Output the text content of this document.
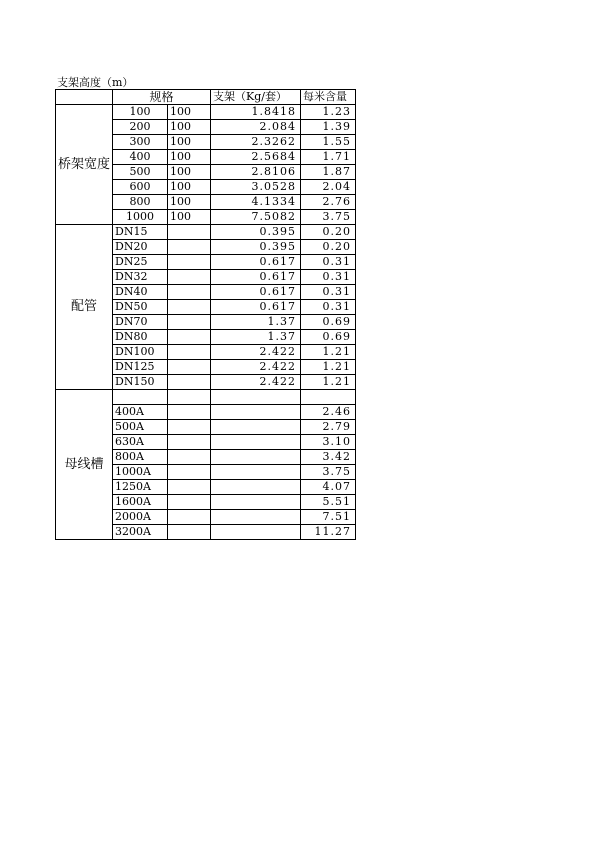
支架高度（m）
	规格		支架（Kg/套）	每米含量
桥架宽度	100	100	1.8418	1.23
	200	100	2.084	1.39
	300	100	2.3262	1.55
	400	100	2.5684	1.71
	500	100	2.8106	1.87
	600	100	3.0528	2.04
	800	100	4.1334	2.76
	1000	100	7.5082	3.75
配管	DN15		0.395	0.20
	DN20		0.395	0.20
	DN25		0.617	0.31
	DN32		0.617	0.31
	DN40		0.617	0.31
	DN50		0.617	0.31
	DN70		1.37	0.69
	DN80		1.37	0.69
	DN100		2.422	1.21
	DN125		2.422	1.21
	DN150		2.422	1.21
母线槽				
	400A			2.46
	500A			2.79
	630A			3.10
	800A			3.42
	1000A			3.75
	1250A			4.07
	1600A			5.51
	2000A			7.51
	3200A			11.27
